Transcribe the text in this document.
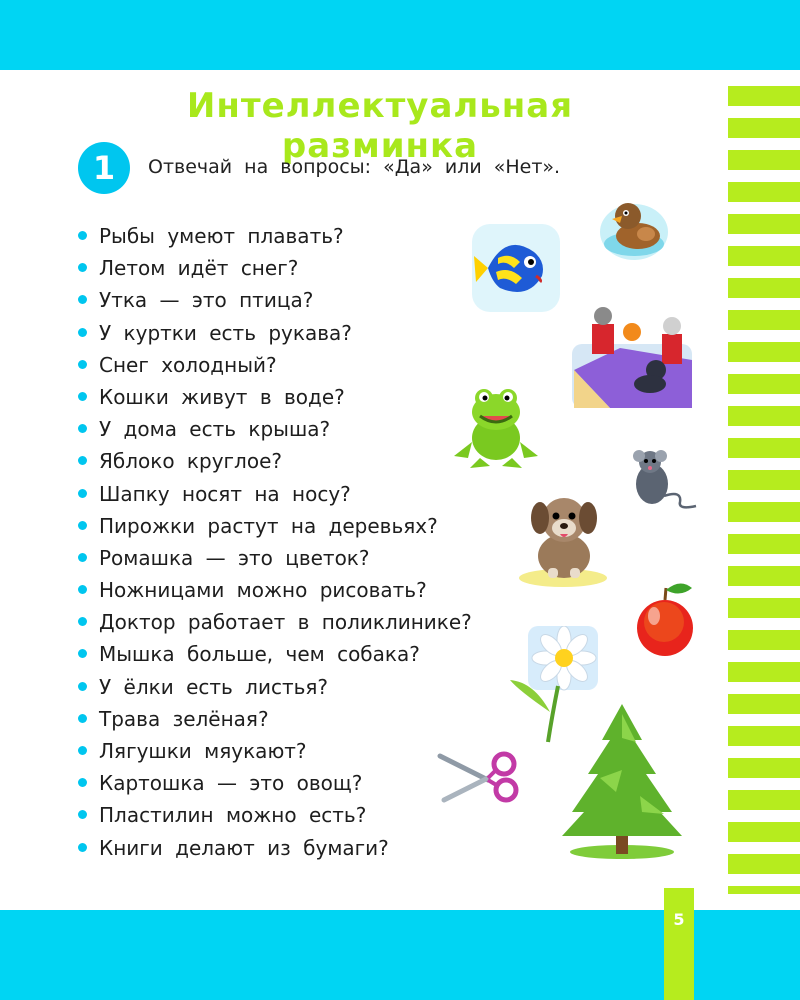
5
Интеллектуальная разминка
1	Отвечай на вопросы: «Да» или «Нет».
Рыбы умеют плавать?
Летом идёт снег?
Утка — это птица?
У куртки есть рукава?
Снег холодный?
Кошки живут в воде?
У дома есть крыша?
Яблоко круглое?
Шапку носят на носу?
Пирожки растут на деревьях?
Ромашка — это цветок?
Ножницами можно рисовать?
Доктор работает в поликлинике?
Мышка больше, чем собака?
У ёлки есть листья?
Трава зелёная?
Лягушки мяукают?
Картошка — это овощ?
Пластилин можно есть?
Книги делают из бумаги?
